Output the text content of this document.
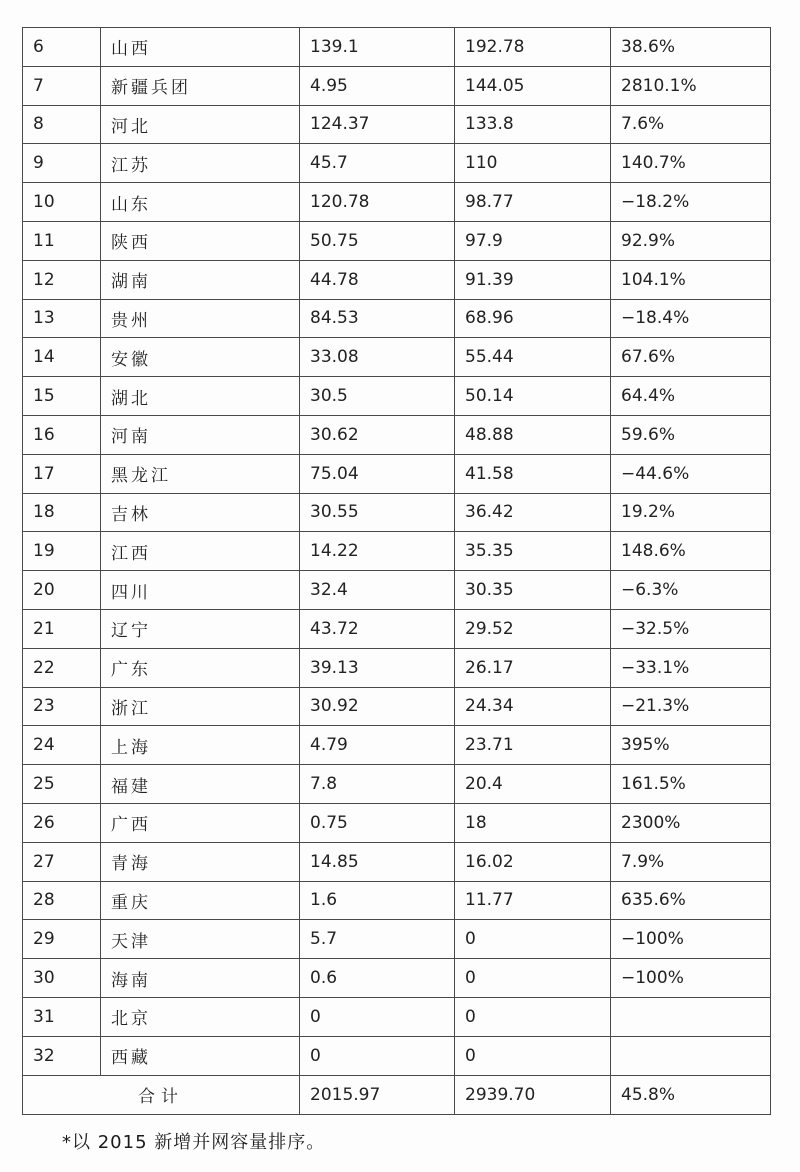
6	山西	139.1	192.78	38.6%
7	新疆兵团	4.95	144.05	2810.1%
8	河北	124.37	133.8	7.6%
9	江苏	45.7	110	140.7%
10	山东	120.78	98.77	−18.2%
11	陕西	50.75	97.9	92.9%
12	湖南	44.78	91.39	104.1%
13	贵州	84.53	68.96	−18.4%
14	安徽	33.08	55.44	67.6%
15	湖北	30.5	50.14	64.4%
16	河南	30.62	48.88	59.6%
17	黑龙江	75.04	41.58	−44.6%
18	吉林	30.55	36.42	19.2%
19	江西	14.22	35.35	148.6%
20	四川	32.4	30.35	−6.3%
21	辽宁	43.72	29.52	−32.5%
22	广东	39.13	26.17	−33.1%
23	浙江	30.92	24.34	−21.3%
24	上海	4.79	23.71	395%
25	福建	7.8	20.4	161.5%
26	广西	0.75	18	2300%
27	青海	14.85	16.02	7.9%
28	重庆	1.6	11.77	635.6%
29	天津	5.7	0	−100%
30	海南	0.6	0	−100%
31	北京	0	0	
32	西藏	0	0	
合计		2015.97	2939.70	45.8%
*以 2015 新增并网容量排序。
